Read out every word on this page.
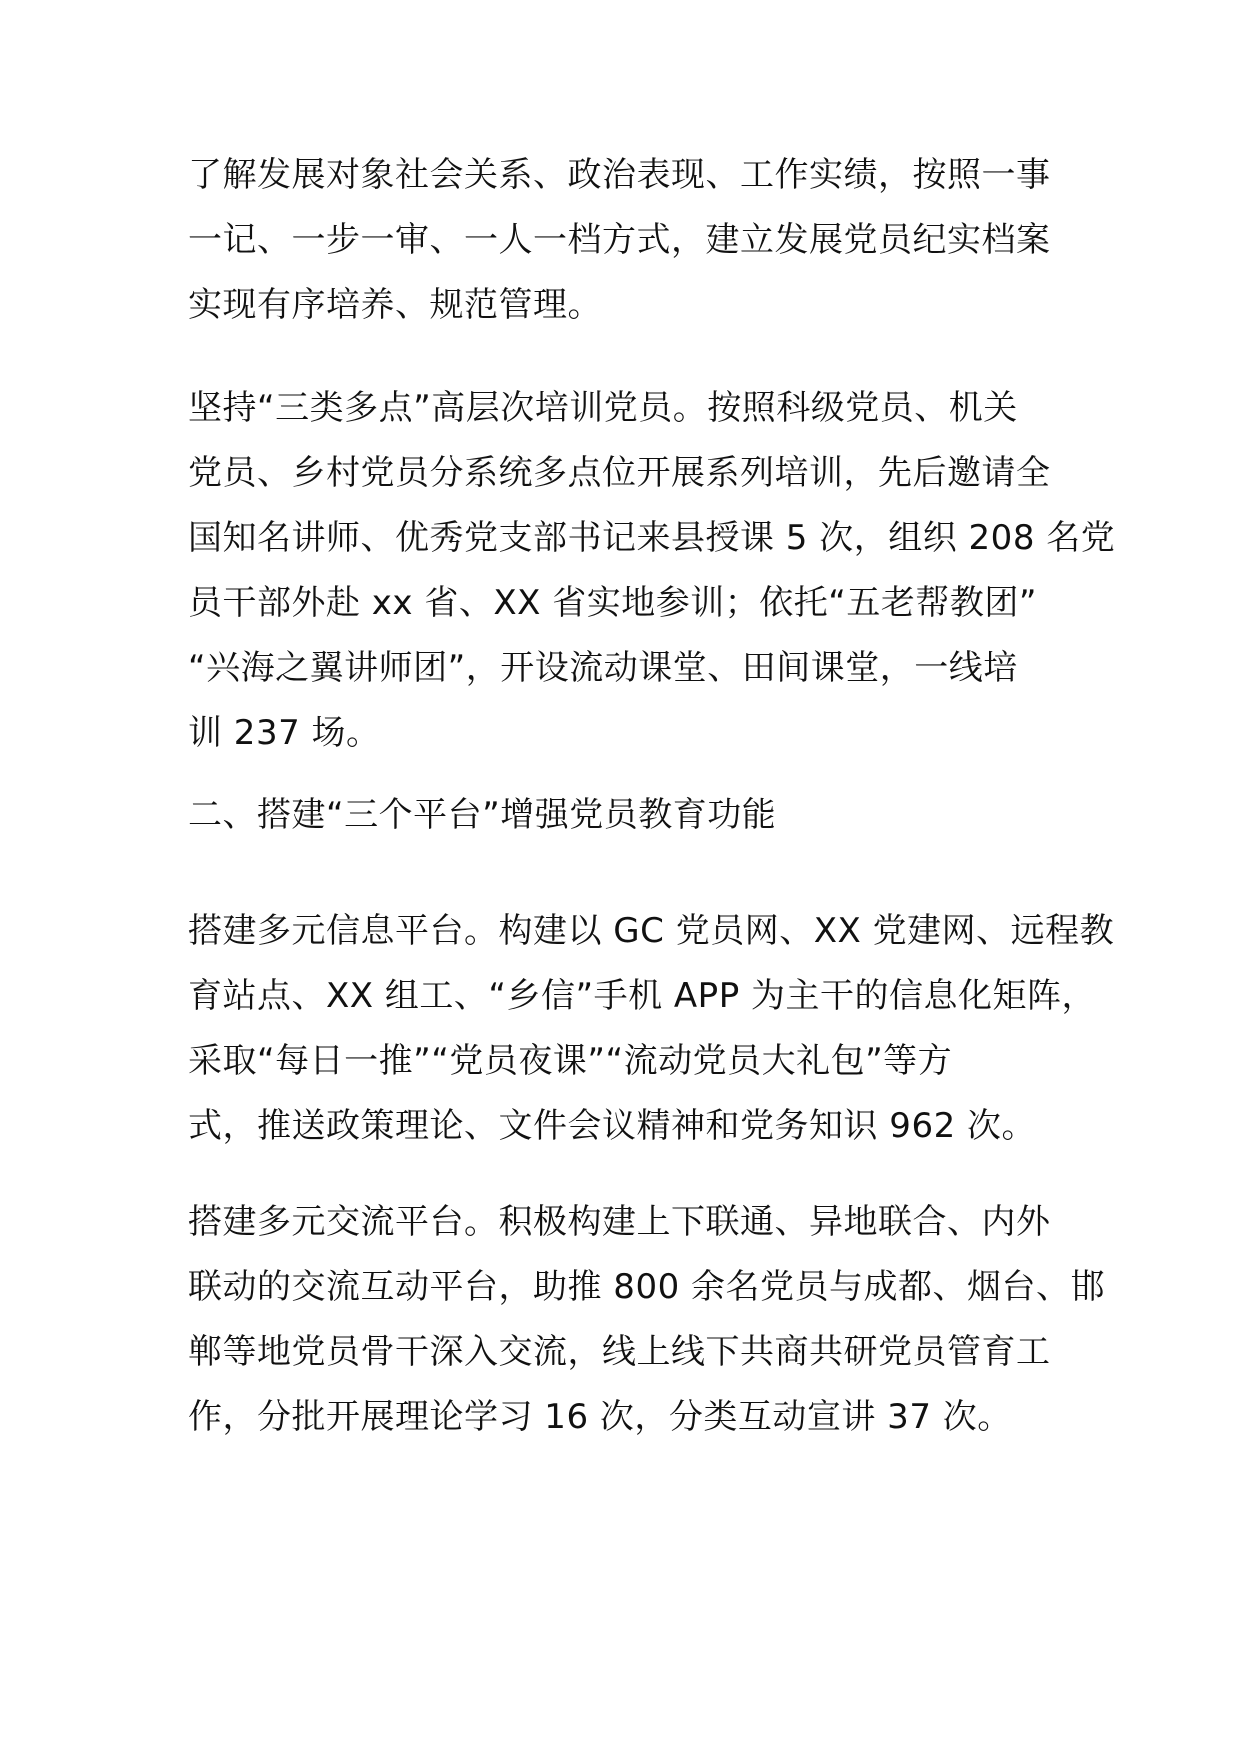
了解发展对象社会关系、政治表现、工作实绩，按照一事
一记、一步一审、一人一档方式，建立发展党员纪实档案
实现有序培养、规范管理。
坚持“三类多点”高层次培训党员。按照科级党员、机关
党员、乡村党员分系统多点位开展系列培训，先后邀请全
国知名讲师、优秀党支部书记来县授课 5 次，组织 208 名党
员干部外赴 xx 省、XX 省实地参训；依托“五老帮教团”
“兴海之翼讲师团”，开设流动课堂、田间课堂，一线培
训 237 场。
二、搭建“三个平台”增强党员教育功能
搭建多元信息平台。构建以 GC 党员网、XX 党建网、远程教
育站点、XX 组工、“乡信”手机 APP 为主干的信息化矩阵，
采取“每日一推”“党员夜课”“流动党员大礼包”等方
式，推送政策理论、文件会议精神和党务知识 962 次。
搭建多元交流平台。积极构建上下联通、异地联合、内外
联动的交流互动平台，助推 800 余名党员与成都、烟台、邯
郸等地党员骨干深入交流，线上线下共商共研党员管育工
作，分批开展理论学习 16 次，分类互动宣讲 37 次。
